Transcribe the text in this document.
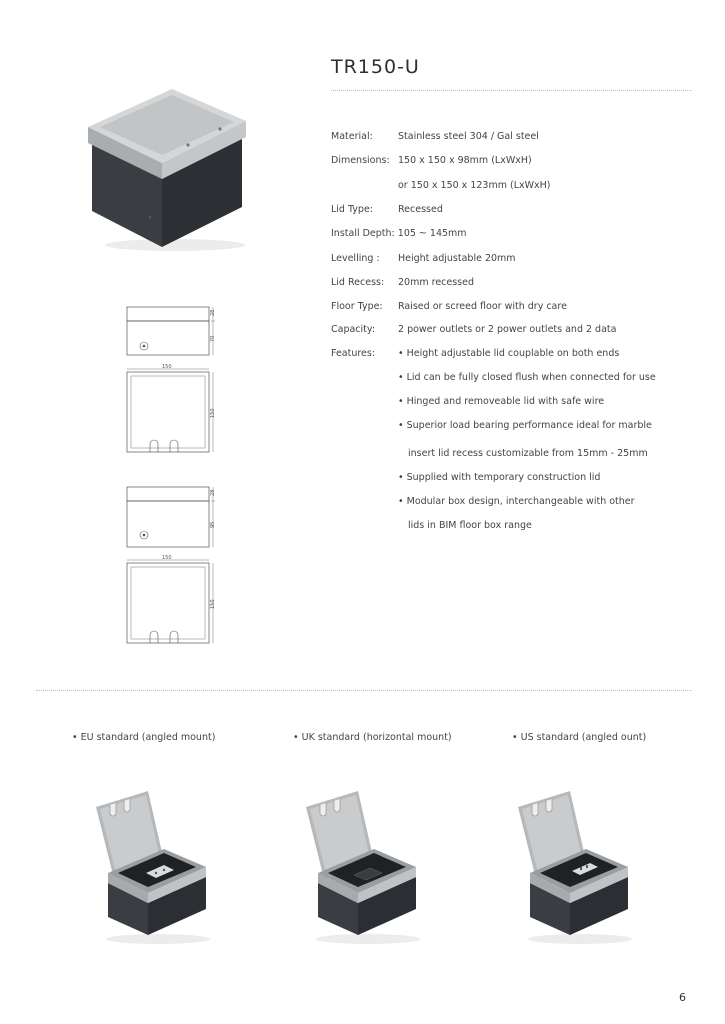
TR150-U
28
70
150
150
28
95
150
150
Material:	Stainless steel 304 / Gal steel
Dimensions: 150 x 150 x 98mm (LxWxH)
or 150 x 150 x 123mm (LxWxH)
Lid Type:	Recessed
Install Depth: 105 ~ 145mm
Levelling : Height adjustable 20mm
Lid Recess: 20mm recessed
Floor Type: Raised or screed floor with dry care
Capacity: 2 power outlets or 2 power outlets and 2 data
Features: • Height adjustable lid couplable on both ends
• Lid can be fully closed flush when connected for use
• Hinged and removeable lid with safe wire
• Superior load bearing performance ideal for marble
insert lid recess customizable from 15mm - 25mm
• Supplied with temporary construction lid
• Modular box design, interchangeable with other
lids in BIM floor box range
• EU standard (angled mount)	• UK standard (horizontal mount)	• US standard (angled ount)
6
